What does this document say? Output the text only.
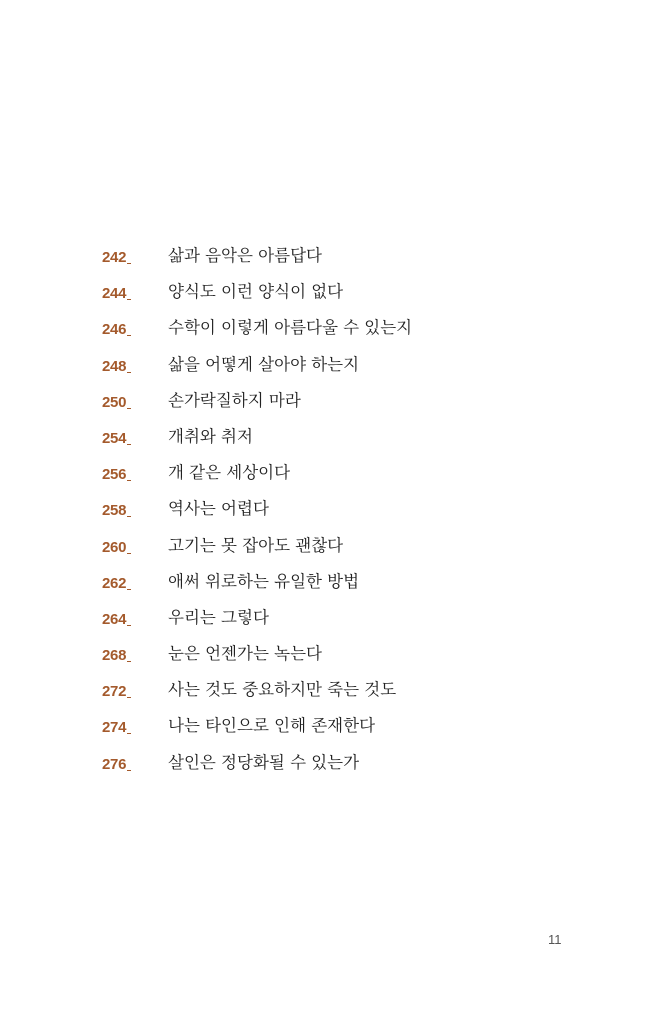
242	삶과 음악은 아름답다
244	양식도 이런 양식이 없다
246	수학이 이렇게 아름다울 수 있는지
248	삶을 어떻게 살아야 하는지
250	손가락질하지 마라
254	개취와 취저
256	개 같은 세상이다
258	역사는 어렵다
260	고기는 못 잡아도 괜찮다
262	애써 위로하는 유일한 방법
264	우리는 그렇다
268	눈은 언젠가는 녹는다
272	사는 것도 중요하지만 죽는 것도
274	나는 타인으로 인해 존재한다
276	살인은 정당화될 수 있는가
11
